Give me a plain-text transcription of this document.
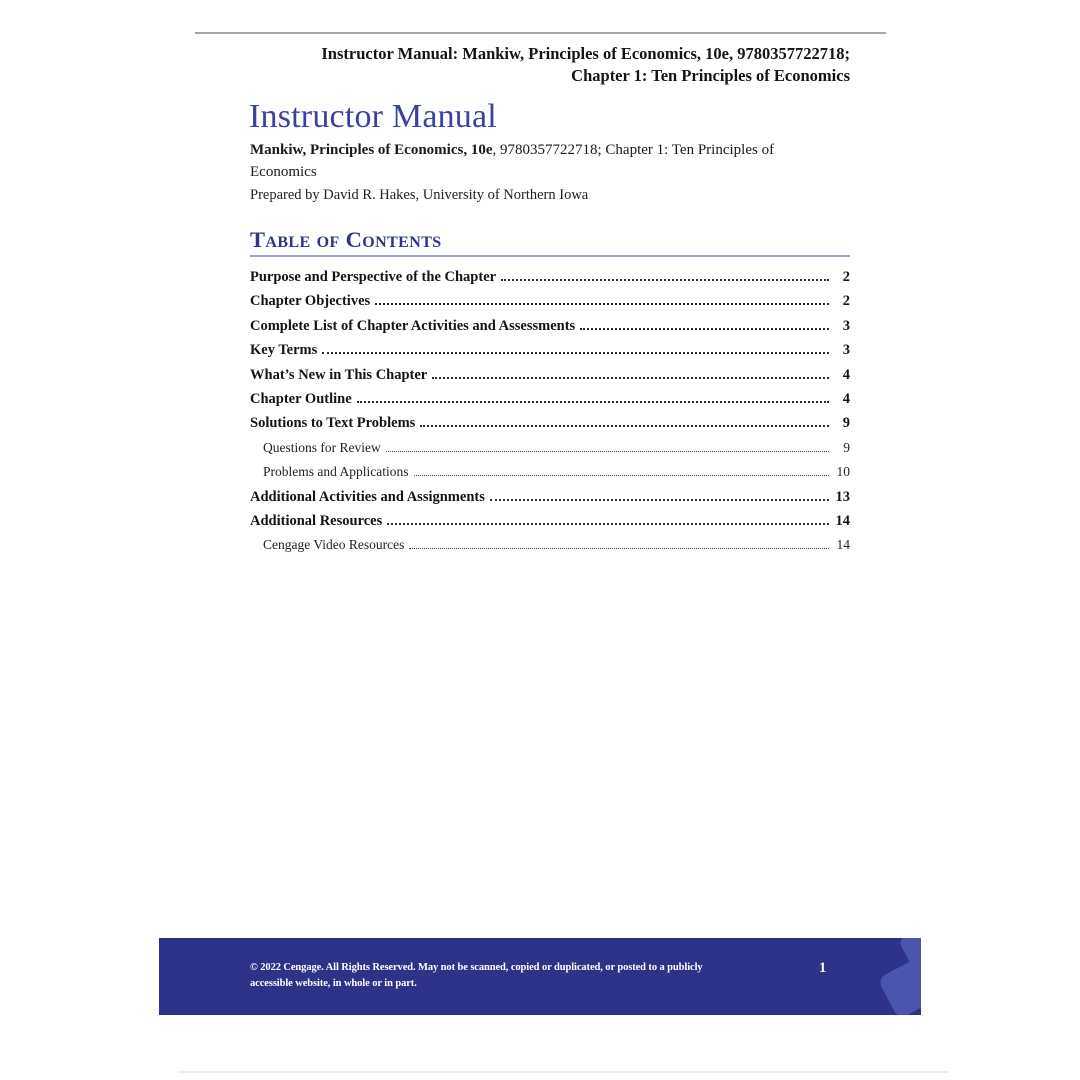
Instructor Manual: Mankiw, Principles of Economics, 10e, 9780357722718;
Chapter 1: Ten Principles of Economics
Instructor Manual

Mankiw, Principles of Economics, 10e, 9780357722718; Chapter 1: Ten Principles of
Economics

Prepared by David R. Hakes, University of Northern Iowa

Table of Contents
Purpose and Perspective of the Chapter	2
Chapter Objectives	2
Complete List of Chapter Activities and Assessments	3
Key Terms	3
What’s New in This Chapter	4
Chapter Outline	4
Solutions to Text Problems	9
Questions for Review	9
Problems and Applications	10
Additional Activities and Assignments	13
Additional Resources	14
Cengage Video Resources	14
© 2022 Cengage. All Rights Reserved. May not be scanned, copied or duplicated, or posted to a publicly
accessible website, in whole or in part.
1
